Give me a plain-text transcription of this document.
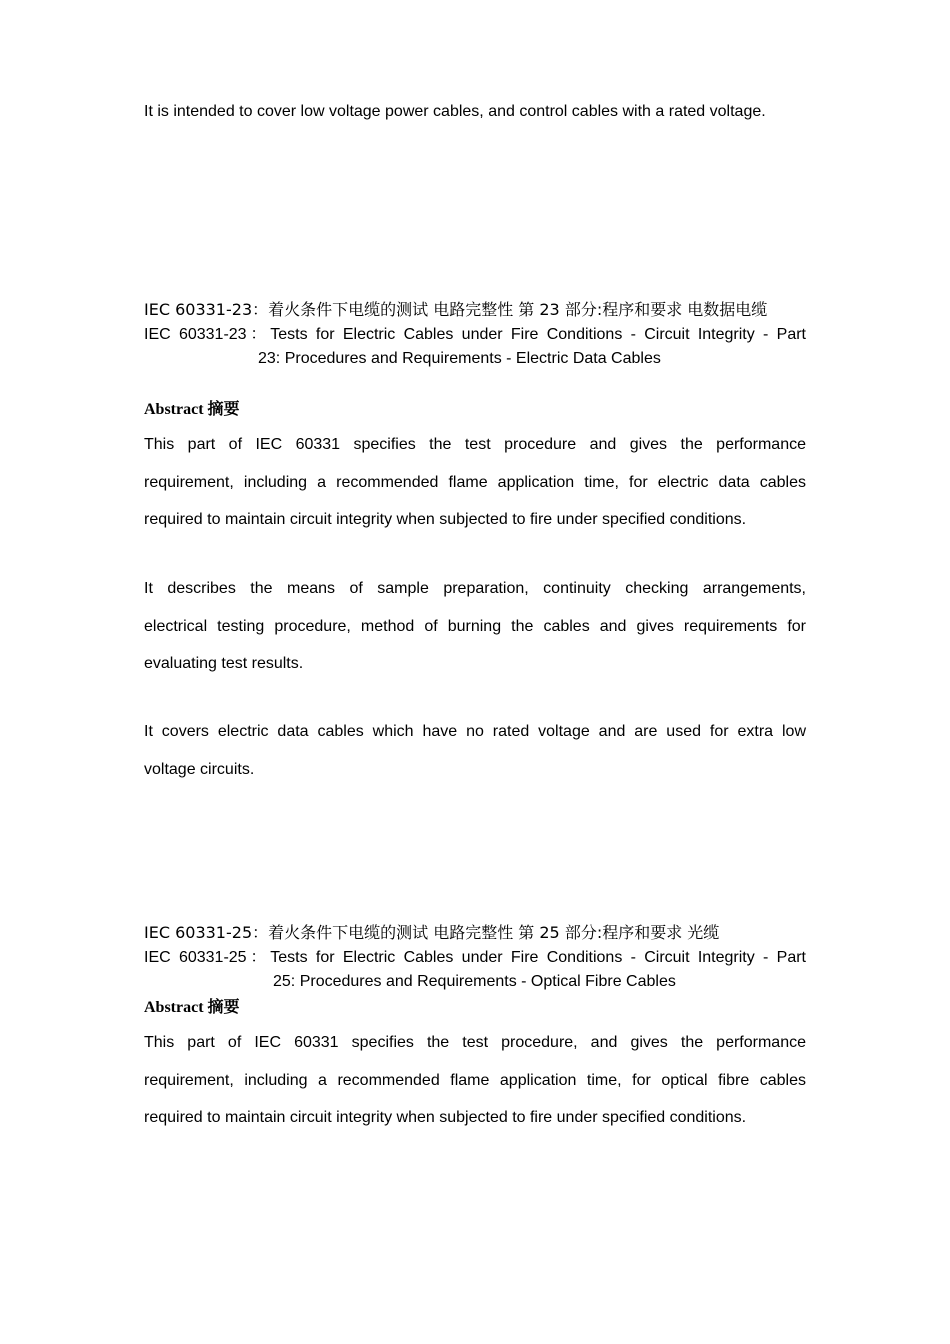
It is intended to cover low voltage power cables, and control cables with a rated voltage.
IEC 60331-23：着火条件下电缆的测试 电路完整性 第 23 部分:程序和要求 电数据电缆
IEC 60331-23：Tests for Electric Cables under Fire Conditions - Circuit Integrity - Part
23: Procedures and Requirements - Electric Data Cables
Abstract 摘要
This part of IEC 60331 specifies the test procedure and gives the performance
requirement, including a recommended flame application time, for electric data cables
required to maintain circuit integrity when subjected to fire under specified conditions.
It describes the means of sample preparation, continuity checking arrangements,
electrical testing procedure, method of burning the cables and gives requirements for
evaluating test results.
It covers electric data cables which have no rated voltage and are used for extra low
voltage circuits.
IEC 60331-25：着火条件下电缆的测试 电路完整性 第 25 部分:程序和要求 光缆
IEC 60331-25：Tests for Electric Cables under Fire Conditions - Circuit Integrity - Part
25: Procedures and Requirements - Optical Fibre Cables
Abstract 摘要
This part of IEC 60331 specifies the test procedure, and gives the performance
requirement, including a recommended flame application time, for optical fibre cables
required to maintain circuit integrity when subjected to fire under specified conditions.
